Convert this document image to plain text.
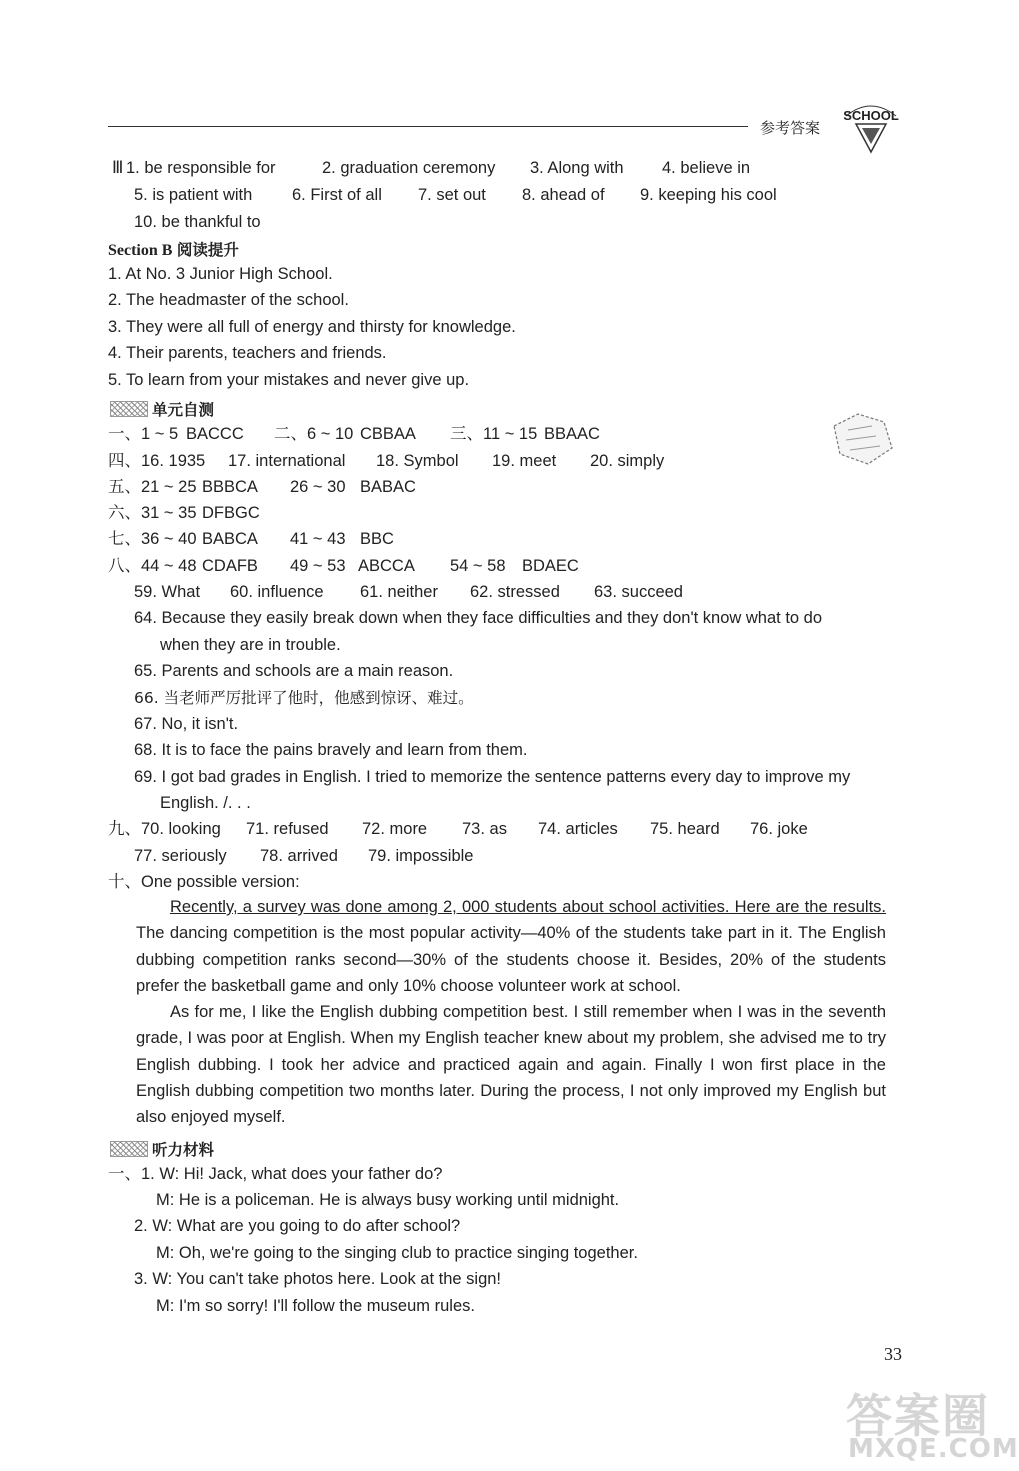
参考答案
SCHOOL
Ⅲ 1. be responsible for	2. graduation ceremony 3. Along with 4. believe in
5. is patient with 6. First of all 7. set out 8. ahead of 9. keeping his cool
10. be thankful to
Section B 阅读提升
1. At No. 3 Junior High School.
2. The headmaster of the school.
3. They were all full of energy and thirsty for knowledge.
4. Their parents, teachers and friends.
5. To learn from your mistakes and never give up.
单元自测
一、1 ~ 5 BACCC 二、6 ~ 10 CBBAA 三、11 ~ 15 BBAAC
四、16. 1935 17. international 18. Symbol 19. meet 20. simply
五、21 ~ 25 BBBCA 26 ~ 30 BABAC
六、31 ~ 35 DFBGC
七、36 ~ 40 BABCA 41 ~ 43 BBC
八、44 ~ 48 CDAFB 49 ~ 53 ABCCA 54 ~ 58 BDAEC
59. What 60. influence 61. neither 62. stressed 63. succeed
64. Because they easily break down when they face difficulties and they don't know what to do
when they are in trouble.
65. Parents and schools are a main reason.
66. 当老师严厉批评了他时，他感到惊讶、难过。
67. No, it isn't.
68. It is to face the pains bravely and learn from them.
69. I got bad grades in English. I tried to memorize the sentence patterns every day to improve my
English. /. . .
九、70. looking 71. refused 72. more 73. as 74. articles 75. heard 76. joke
77. seriously 78. arrived 79. impossible
十、One possible version:
Recently, a survey was done among 2, 000 students about school activities. Here are the results. The dancing competition is the most popular activity—40% of the students take part in it. The English dubbing competition ranks second—30% of the students choose it. Besides, 20% of the students prefer the basketball game and only 10% choose volunteer work at school.
As for me, I like the English dubbing competition best. I still remember when I was in the seventh grade, I was poor at English. When my English teacher knew about my problem, she advised me to try English dubbing. I took her advice and practiced again and again. Finally I won first place in the English dubbing competition two months later. During the process, I not only improved my English but also enjoyed myself.
听力材料
一、1. W: Hi! Jack, what does your father do?
M: He is a policeman. He is always busy working until midnight.
2. W: What are you going to do after school?
M: Oh, we're going to the singing club to practice singing together.
3. W: You can't take photos here. Look at the sign!
M: I'm so sorry! I'll follow the museum rules.
33
答案圈
MXQE.COM
